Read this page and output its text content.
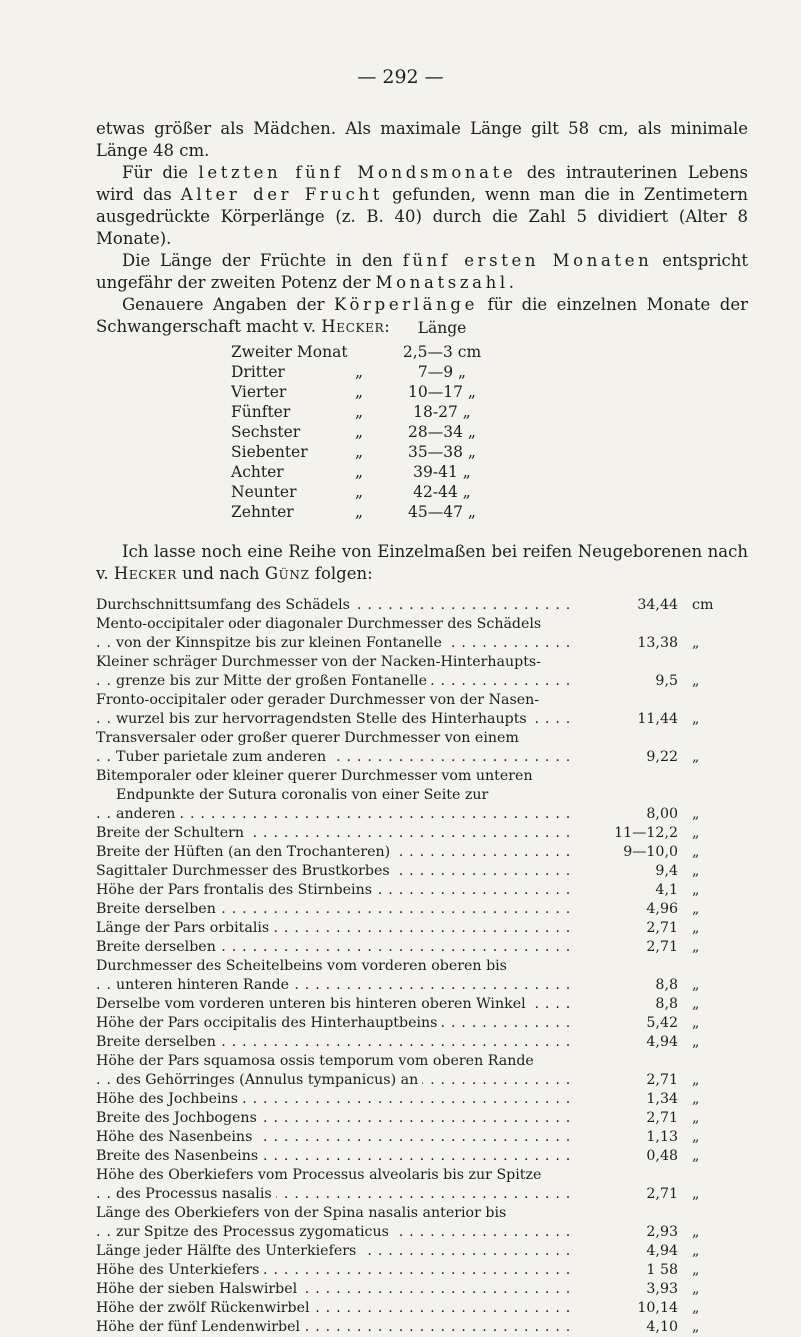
— 292 —

etwas größer als Mädchen. Als maximale Länge gilt 58 cm, als minimale Länge 48 cm.

Für die letzten fünf Mondsmonate des intrauterinen Lebens wird das Alter der Frucht gefunden, wenn man die in Zentimetern ausgedrückte Körperlänge (z. B. 40) durch die Zahl 5 dividiert (Alter 8 Monate).

Die Länge der Früchte in den fünf ersten Monaten entspricht ungefähr der zweiten Potenz der Monatszahl.

Genauere Angaben der Körperlänge für die einzelnen Monate der Schwangerschaft macht v. Hecker:	Länge
Zweiter Monat	2,5—3 cm
Dritter	„	7—9 „
Vierter	„	10—17 „
Fünfter	„	18-27 „
Sechster	„	28—34 „
Siebenter	„	35—38 „
Achter	„	39-41 „
Neunter	„	42-44 „
Zehnter	„	45—47 „
Ich lasse noch eine Reihe von Einzelmaßen bei reifen Neugeborenen nach v. Hecker und nach Günz folgen:
. . . Durchschnittsumfang des Schädels	34,44 cm
Mento-occipitaler oder diagonaler Durchmesser des Schädels
. . . von der Kinnspitze bis zur kleinen Fontanelle	13,38 „
Kleiner schräger Durchmesser von der Nacken-Hinterhaupts-
. . . grenze bis zur Mitte der großen Fontanelle	9,5 „
Fronto-occipitaler oder gerader Durchmesser von der Nasen-
. . . wurzel bis zur hervorragendsten Stelle des Hinterhaupts	11,44 „
Transversaler oder großer querer Durchmesser von einem
. . . Tuber parietale zum anderen	9,22 „
Bitemporaler oder kleiner querer Durchmesser vom unteren
Endpunkte der Sutura coronalis von einer Seite zur
. . . anderen	8,00 „
. . . Breite der Schultern	11—12,2 „
. . . Breite der Hüften (an den Trochanteren)	9—10,0 „
. . . Sagittaler Durchmesser des Brustkorbes	9,4 „
. . . Höhe der Pars frontalis des Stirnbeins	4,1 „
. . . Breite derselben	4,96 „
. . . Länge der Pars orbitalis	2,71 „
. . . Breite derselben	2,71 „
Durchmesser des Scheitelbeins vom vorderen oberen bis
. . . unteren hinteren Rande	8,8 „
. . . Derselbe vom vorderen unteren bis hinteren oberen Winkel	8,8 „
. . . Höhe der Pars occipitalis des Hinterhauptbeins	5,42 „
. . . Breite derselben	4,94 „
Höhe der Pars squamosa ossis temporum vom oberen Rande
. . . des Gehörringes (Annulus tympanicus) an	2,71 „
. . . Höhe des Jochbeins	1,34 „
. . . Breite des Jochbogens	2,71 „
. . . Höhe des Nasenbeins	1,13 „
. . . Breite des Nasenbeins	0,48 „
Höhe des Oberkiefers vom Processus alveolaris bis zur Spitze
. . . des Processus nasalis	2,71 „
Länge des Oberkiefers von der Spina nasalis anterior bis
. . . zur Spitze des Processus zygomaticus	2,93 „
. . . Länge jeder Hälfte des Unterkiefers	4,94 „
. . . Höhe des Unterkiefers	1 58 „
. . . Höhe der sieben Halswirbel	3,93 „
. . . Höhe der zwölf Rückenwirbel	10,14 „
. . . Höhe der fünf Lendenwirbel	4,10 „
